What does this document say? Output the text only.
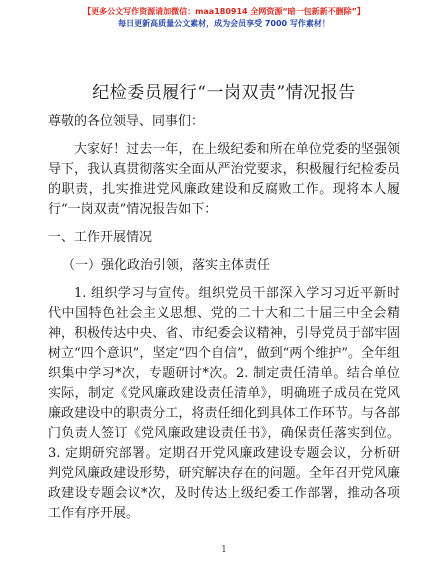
【更多公文写作资源请加微信：maa180914 全网资源“暗一包新新不删除”】
每日更新高质量公文素材，成为会员享受 7000 写作素材！
纪检委员履行“一岗双责”情况报告

尊敬的各位领导、同事们：

大家好！过去一年，在上级纪委和所在单位党委的坚强领导下，我认真贯彻落实全面从严治党要求，积极履行纪检委员的职责，扎实推进党风廉政建设和反腐败工作。现将本人履行“一岗双责”情况报告如下：

一、工作开展情况

（一）强化政治引领，落实主体责任

1. 组织学习与宣传。组织党员干部深入学习习近平新时代中国特色社会主义思想、党的二十大和二十届三中全会精神，积极传达中央、省、市纪委会议精神，引导党员于部牢固树立“四个意识”，坚定“四个自信”，做到“两个维护”。全年组织集中学习*次，专题研讨*次。2. 制定责任清单。结合单位实际，制定《党风廉政建设责任清单》，明确班子成员在党风廉政建设中的职责分工，将责任细化到具体工作环节。与各部门负责人签订《党风廉政建设责任书》，确保责任落实到位。3. 定期研究部署。定期召开党风廉政建设专题会议，分析研判党风廉政建设形势，研究解决存在的问题。全年召开党风廉政建设专题会议*次，及时传达上级纪委工作部署，推动各项工作有序开展。

1
